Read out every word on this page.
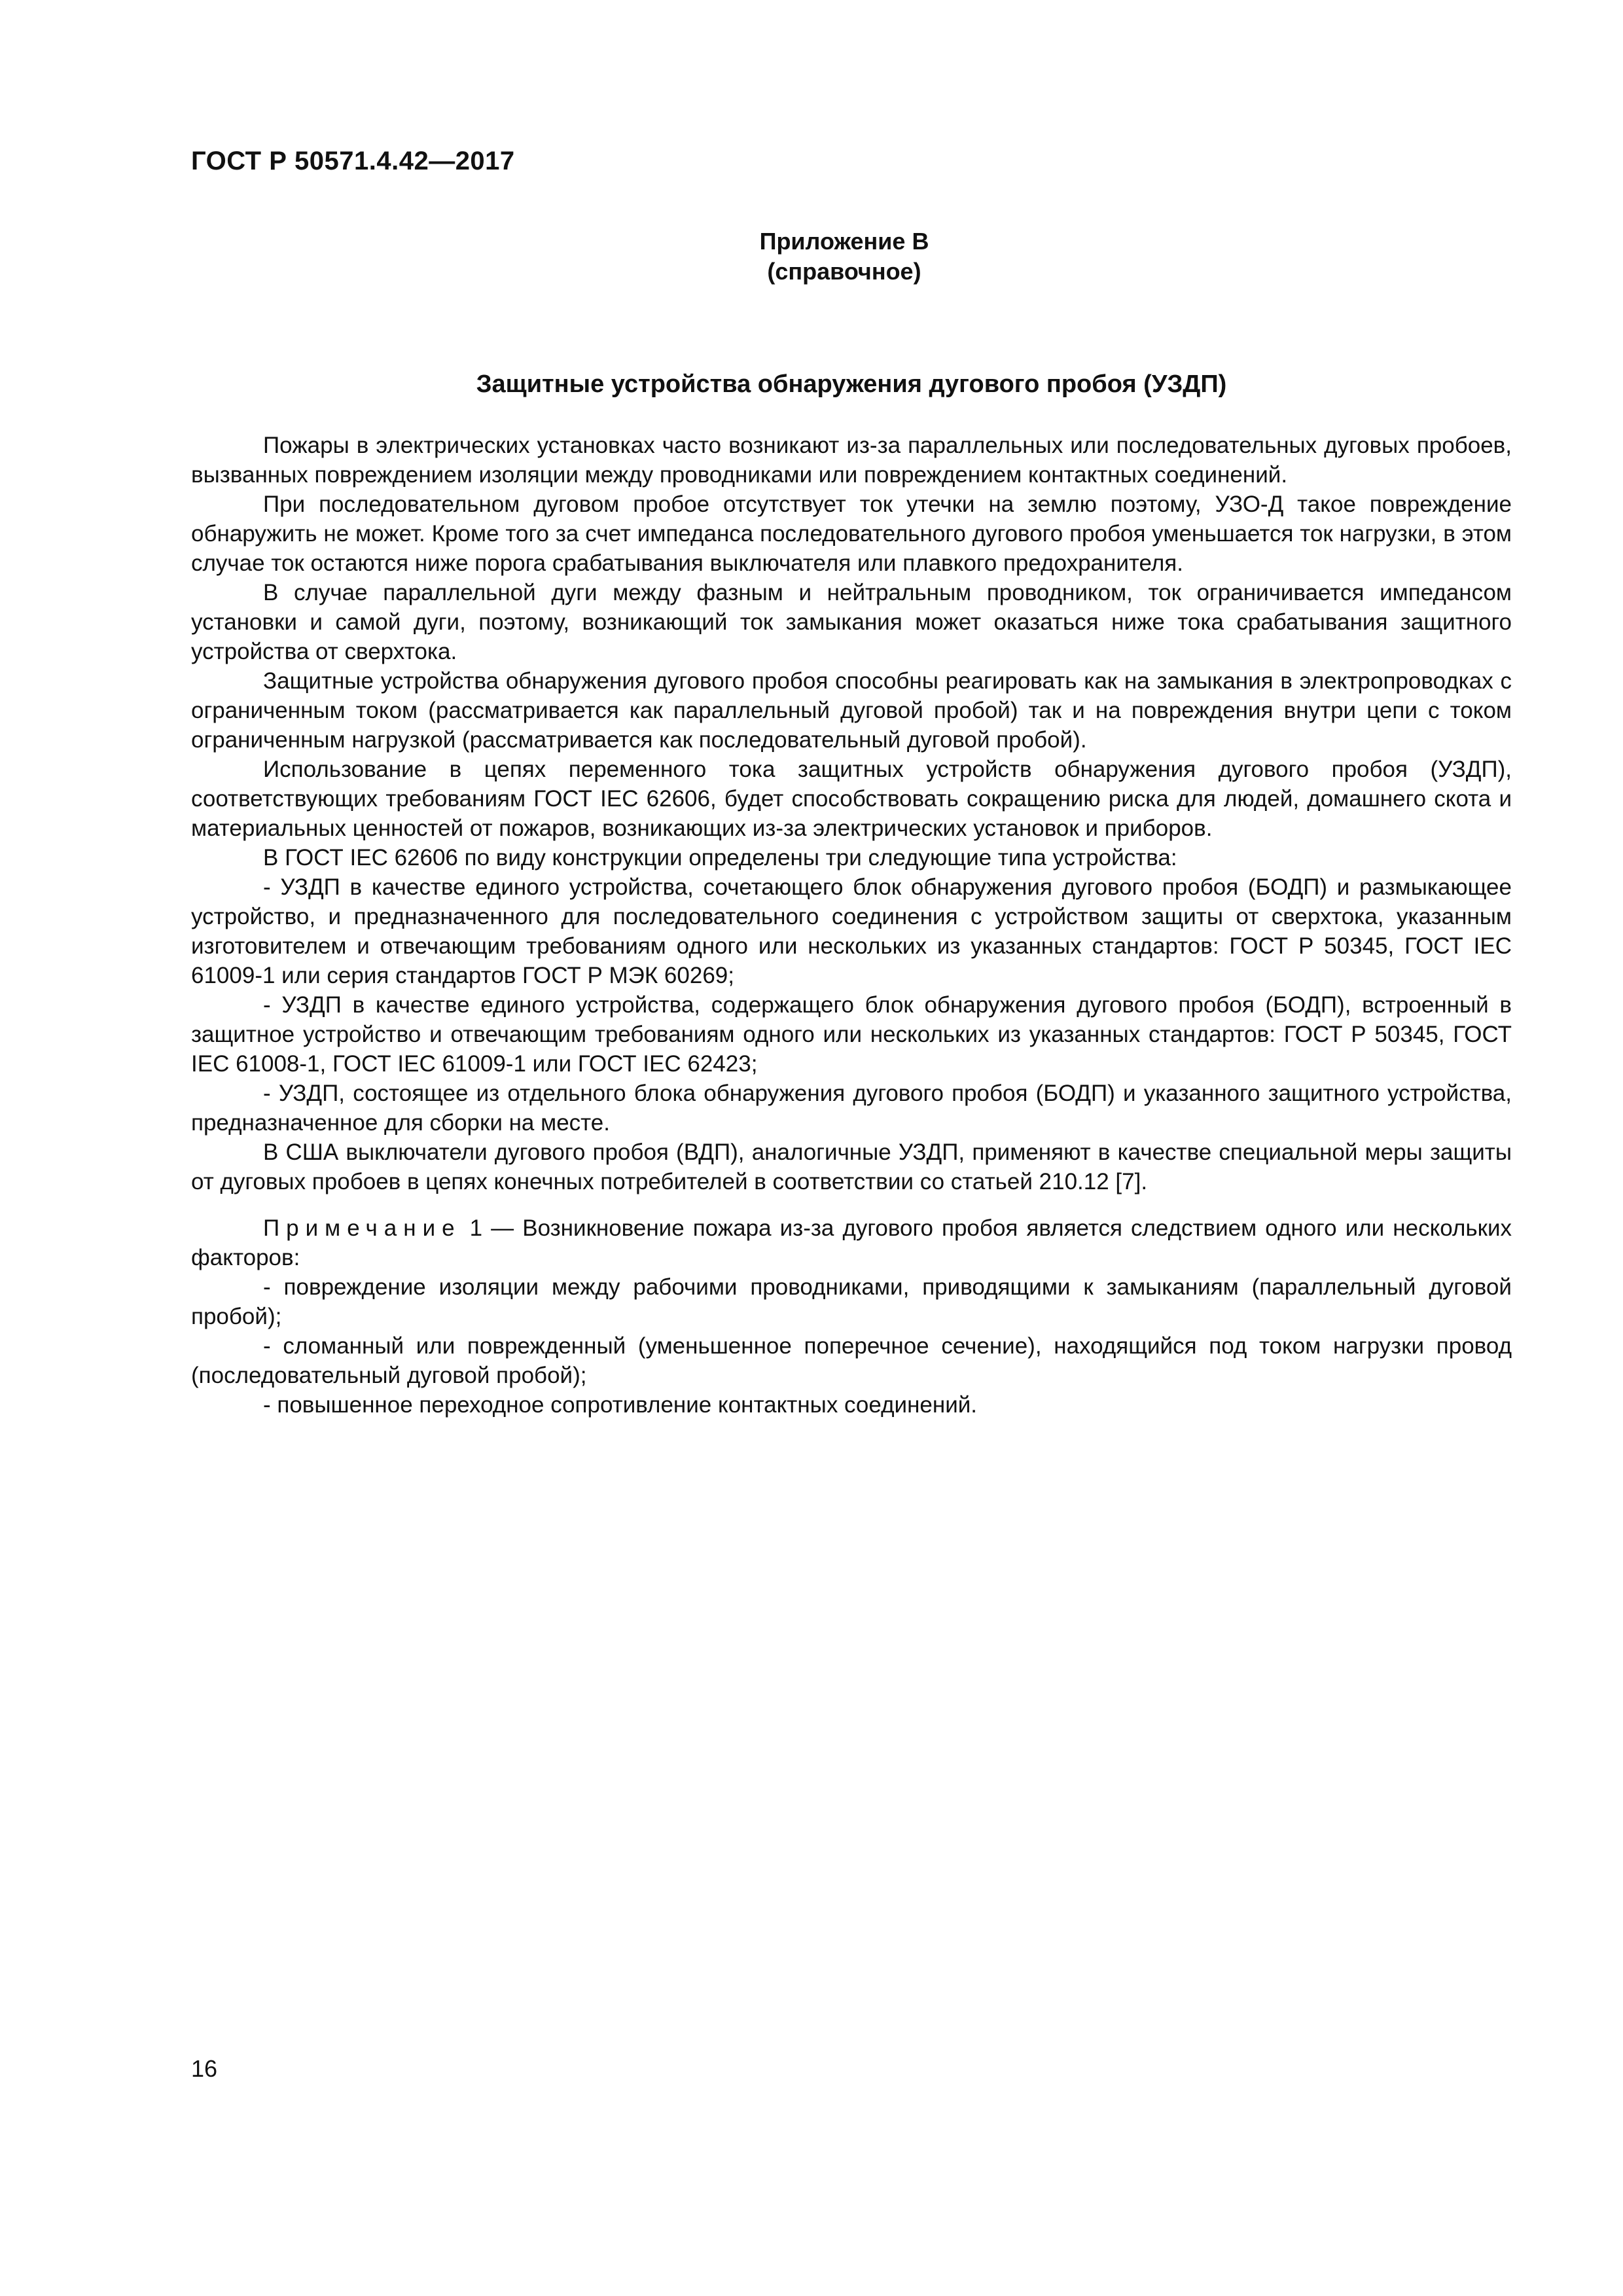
ГОСТ Р 50571.4.42—2017
Приложение В
(справочное)
Защитные устройства обнаружения дугового пробоя (УЗДП)

Пожары в электрических установках часто возникают из-за параллельных или последовательных дуговых пробоев, вызванных повреждением изоляции между проводниками или повреждением контактных соединений.

При последовательном дуговом пробое отсутствует ток утечки на землю поэтому, УЗО-Д такое повреждение обнаружить не может. Кроме того за счет импеданса последовательного дугового пробоя уменьшается ток нагрузки, в этом случае ток остаются ниже порога срабатывания выключателя или плавкого предохранителя.

В случае параллельной дуги между фазным и нейтральным проводником, ток ограничивается импедансом установки и самой дуги, поэтому, возникающий ток замыкания может оказаться ниже тока срабатывания защитного устройства от сверхтока.

Защитные устройства обнаружения дугового пробоя способны реагировать как на замыкания в электропроводках с ограниченным током (рассматривается как параллельный дуговой пробой) так и на повреждения внутри цепи с током ограниченным нагрузкой (рассматривается как последовательный дуговой пробой).

Использование в цепях переменного тока защитных устройств обнаружения дугового пробоя (УЗДП), соответствующих требованиям ГОСТ IEC 62606, будет способствовать сокращению риска для людей, домашнего скота и материальных ценностей от пожаров, возникающих из-за электрических установок и приборов.

В ГОСТ IEC 62606 по виду конструкции определены три следующие типа устройства:

- УЗДП в качестве единого устройства, сочетающего блок обнаружения дугового пробоя (БОДП) и размыкающее устройство, и предназначенного для последовательного соединения с устройством защиты от сверхтока, указанным изготовителем и отвечающим требованиям одного или нескольких из указанных стандартов: ГОСТ Р 50345, ГОСТ IEC 61009-1 или серия стандартов ГОСТ Р МЭК 60269;

- УЗДП в качестве единого устройства, содержащего блок обнаружения дугового пробоя (БОДП), встроенный в защитное устройство и отвечающим требованиям одного или нескольких из указанных стандартов: ГОСТ Р 50345, ГОСТ IEC 61008-1, ГОСТ IEC 61009-1 или ГОСТ IEC 62423;

- УЗДП, состоящее из отдельного блока обнаружения дугового пробоя (БОДП) и указанного защитного устройства, предназначенное для сборки на месте.

В США выключатели дугового пробоя (ВДП), аналогичные УЗДП, применяют в качестве специальной меры защиты от дуговых пробоев в цепях конечных потребителей в соответствии со статьей 210.12 [7].

Примечание 1 — Возникновение пожара из-за дугового пробоя является следствием одного или нескольких факторов:

- повреждение изоляции между рабочими проводниками, приводящими к замыканиям (параллельный дуговой пробой);

- сломанный или поврежденный (уменьшенное поперечное сечение), находящийся под током нагрузки провод (последовательный дуговой пробой);

- повышенное переходное сопротивление контактных соединений.

16
